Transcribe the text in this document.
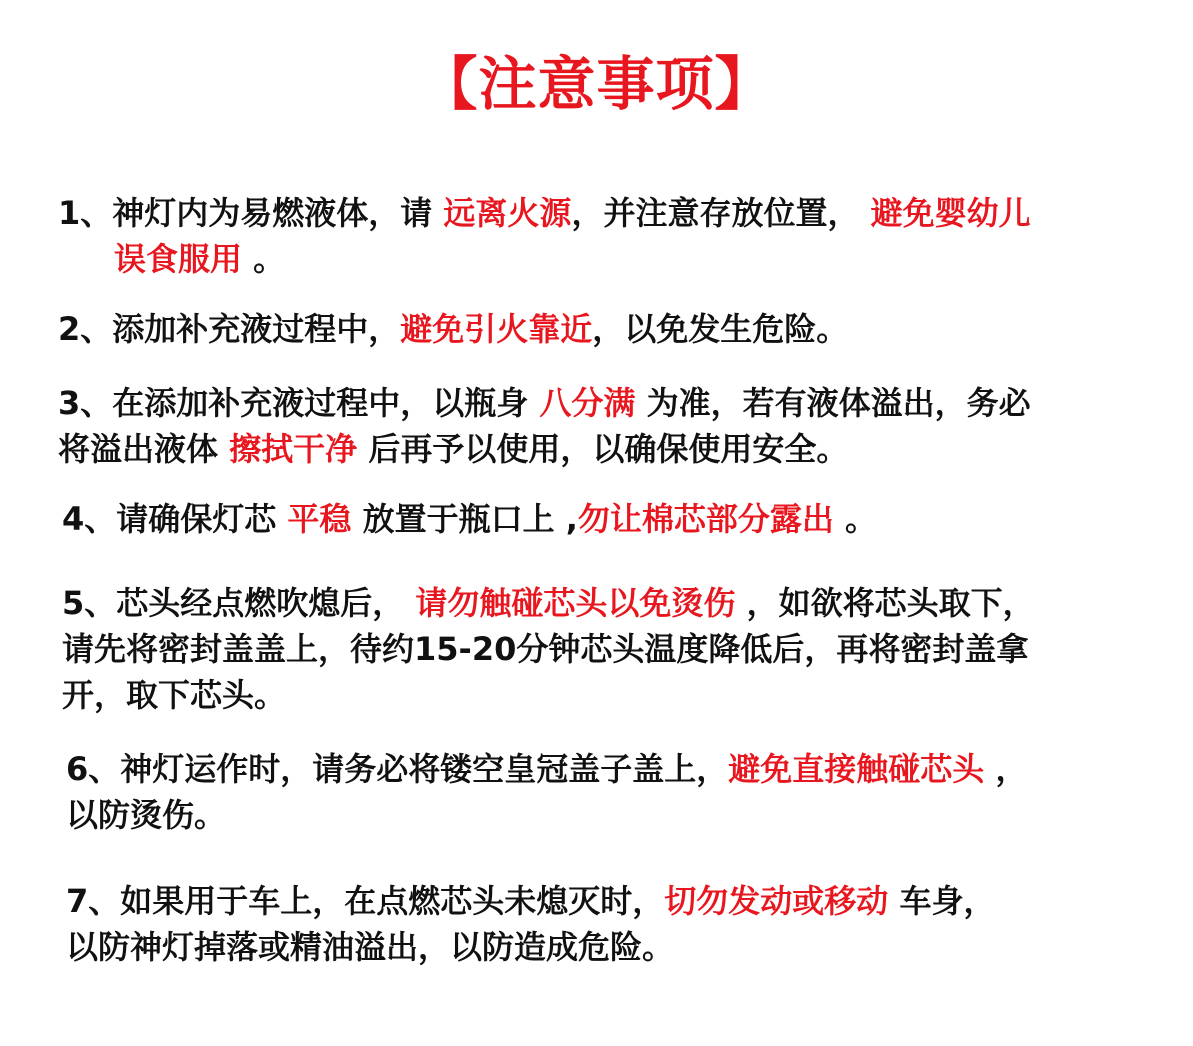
【注意事项】
1、神灯内为易燃液体，请 远离火源，并注意存放位置， 避免婴幼儿
误食服用 。
2、添加补充液过程中，避免引火靠近，以免发生危险。
3、在添加补充液过程中，以瓶身 八分满 为准，若有液体溢出，务必
将溢出液体 擦拭干净 后再予以使用，以确保使用安全。
4、请确保灯芯 平稳 放置于瓶口上 ,勿让棉芯部分露出 。
5、芯头经点燃吹熄后， 请勿触碰芯头以免烫伤 ，如欲将芯头取下，
请先将密封盖盖上，待约15-20分钟芯头温度降低后，再将密封盖拿
开，取下芯头。
6、神灯运作时，请务必将镂空皇冠盖子盖上，避免直接触碰芯头 ，
以防烫伤。
7、如果用于车上，在点燃芯头未熄灭时，切勿发动或移动 车身，
以防神灯掉落或精油溢出，以防造成危险。
